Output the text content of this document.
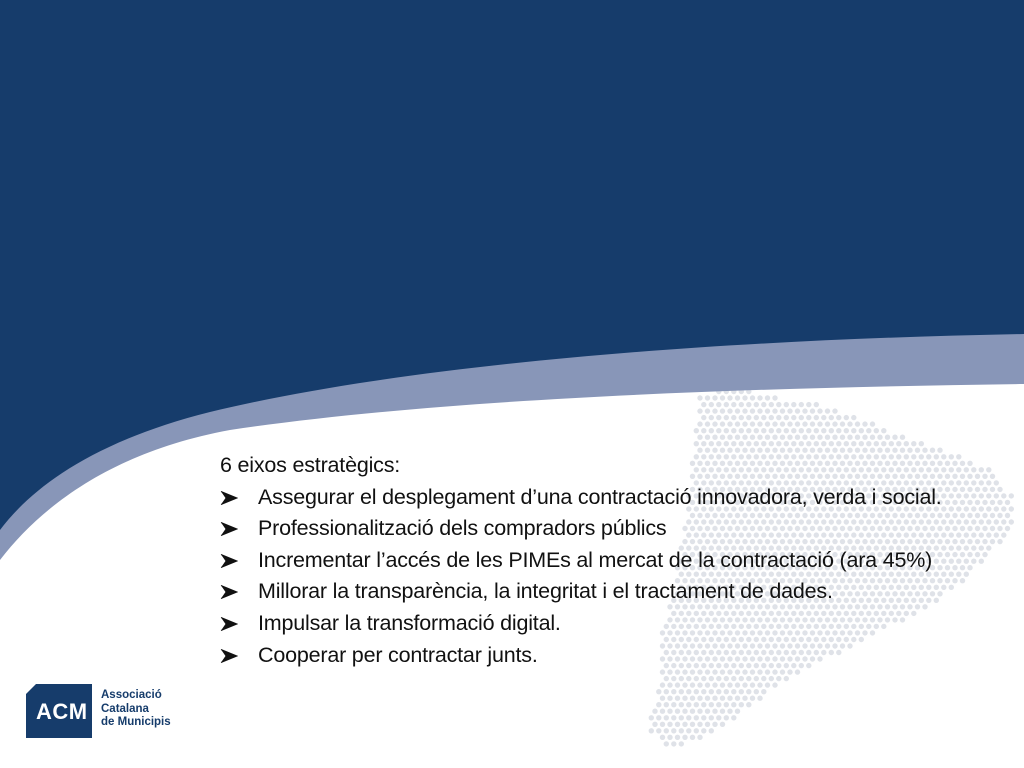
6 eixos estratègics:

Assegurar el desplegament d’una contractació innovadora, verda i social.
Professionalització dels compradors públics
Incrementar l’accés de les PIMEs al mercat de la contractació (ara 45%)
Millorar la transparència, la integritat i el tractament de dades.
Impulsar la transformació digital.
Cooperar per contractar junts.
ACM
Associació
Catalana
de Municipis
